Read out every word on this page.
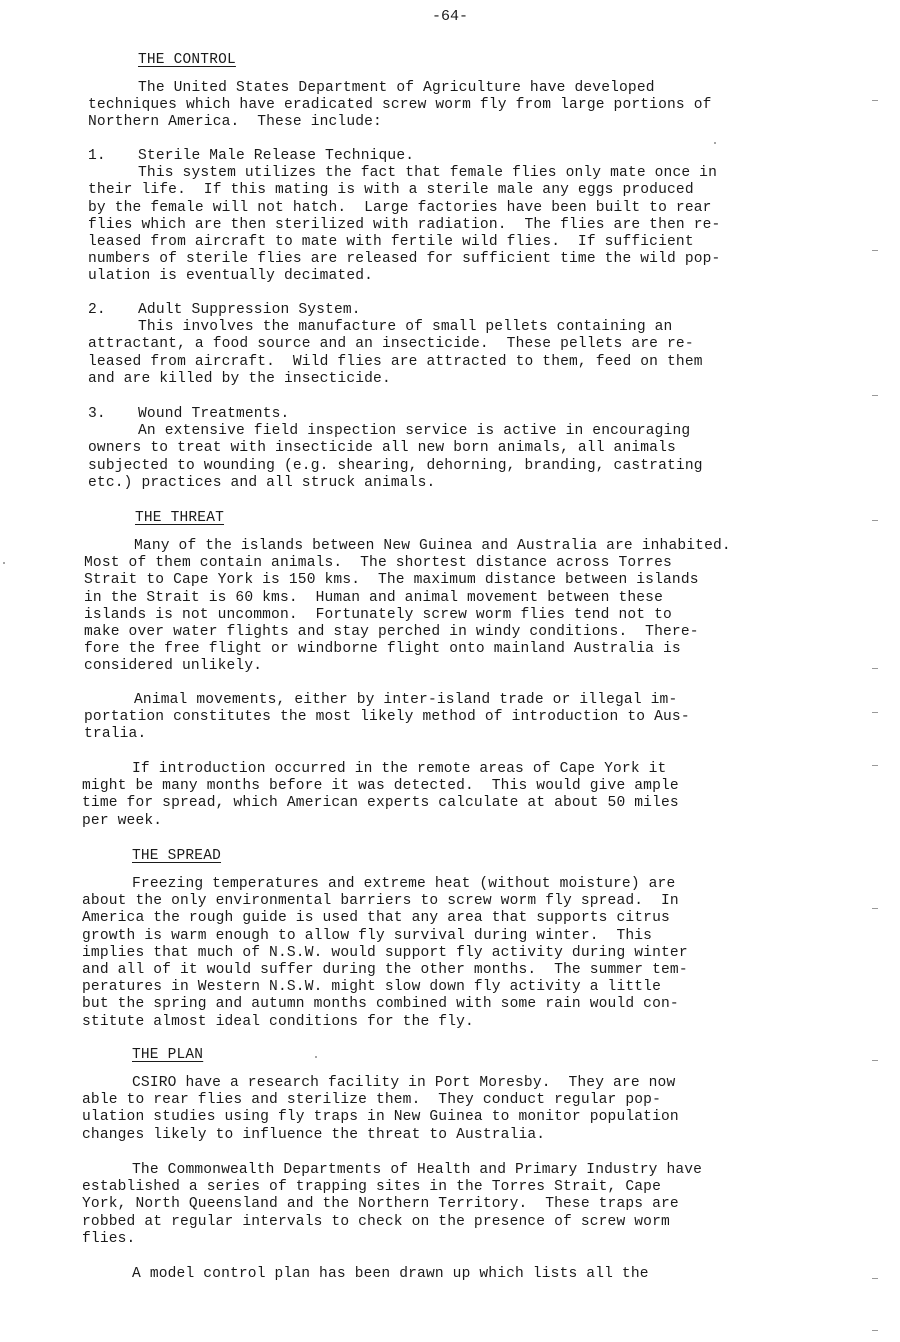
-64-
THE CONTROL
The United States Department of Agriculture have developed
techniques which have eradicated screw worm fly from large portions of
Northern America.  These include:
1. Sterile Male Release Technique.
This system utilizes the fact that female flies only mate once in
their life.  If this mating is with a sterile male any eggs produced
by the female will not hatch.  Large factories have been built to rear
flies which are then sterilized with radiation.  The flies are then re-
leased from aircraft to mate with fertile wild flies.  If sufficient
numbers of sterile flies are released for sufficient time the wild pop-
ulation is eventually decimated.
2. Adult Suppression System.
This involves the manufacture of small pellets containing an
attractant, a food source and an insecticide.  These pellets are re-
leased from aircraft.  Wild flies are attracted to them, feed on them
and are killed by the insecticide.
3. Wound Treatments.
An extensive field inspection service is active in encouraging
owners to treat with insecticide all new born animals, all animals
subjected to wounding (e.g. shearing, dehorning, branding, castrating
etc.) practices and all struck animals.
THE THREAT
Many of the islands between New Guinea and Australia are inhabited.
Most of them contain animals.  The shortest distance across Torres
Strait to Cape York is 150 kms.  The maximum distance between islands
in the Strait is 60 kms.  Human and animal movement between these
islands is not uncommon.  Fortunately screw worm flies tend not to
make over water flights and stay perched in windy conditions.  There-
fore the free flight or windborne flight onto mainland Australia is
considered unlikely.
Animal movements, either by inter-island trade or illegal im-
portation constitutes the most likely method of introduction to Aus-
tralia.
If introduction occurred in the remote areas of Cape York it
might be many months before it was detected.  This would give ample
time for spread, which American experts calculate at about 50 miles
per week.
THE SPREAD
Freezing temperatures and extreme heat (without moisture) are
about the only environmental barriers to screw worm fly spread.  In
America the rough guide is used that any area that supports citrus
growth is warm enough to allow fly survival during winter.  This
implies that much of N.S.W. would support fly activity during winter
and all of it would suffer during the other months.  The summer tem-
peratures in Western N.S.W. might slow down fly activity a little
but the spring and autumn months combined with some rain would con-
stitute almost ideal conditions for the fly.
THE PLAN
CSIRO have a research facility in Port Moresby.  They are now
able to rear flies and sterilize them.  They conduct regular pop-
ulation studies using fly traps in New Guinea to monitor population
changes likely to influence the threat to Australia.
The Commonwealth Departments of Health and Primary Industry have
established a series of trapping sites in the Torres Strait, Cape
York, North Queensland and the Northern Territory.  These traps are
robbed at regular intervals to check on the presence of screw worm
flies.
A model control plan has been drawn up which lists all the
